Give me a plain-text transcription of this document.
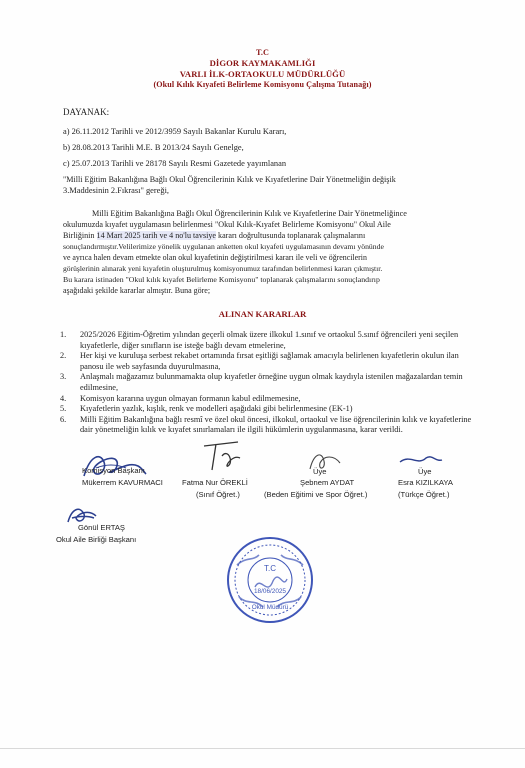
T.C
DİGOR KAYMAKAMLIĞI
VARLI İLK-ORTAOKULU MÜDÜRLÜĞÜ
(Okul Kılık Kıyafeti Belirleme Komisyonu Çalışma Tutanağı)
DAYANAK:
a) 26.11.2012 Tarihli ve 2012/3959 Sayılı Bakanlar Kurulu Kararı,
b) 28.08.2013 Tarihli M.E. B 2013/24 Sayılı Genelge,
c) 25.07.2013 Tarihli ve 28178 Sayılı Resmi Gazetede yayımlanan
"Milli Eğitim Bakanlığına Bağlı Okul Öğrencilerinin Kılık ve Kıyafetlerine Dair Yönetmeliğin değişik
3.Maddesinin 2.Fıkrası" gereği,
Milli Eğitim Bakanlığına Bağlı Okul Öğrencilerinin Kılık ve Kıyafetlerine Dair Yönetmeliğince
okulumuzda kıyafet uygulamasın belirlenmesi "Okul Kılık-Kıyafet Belirleme Komisyonu" Okul Aile
Birliğinin 14 Mart 2025 tarih ve 4 no'lu tavsiye kararı doğrultusunda toplanarak çalışmalarını
sonuçlandırmıştır.Velilerimize yönelik uygulanan anketten okul kıyafeti uygulamasının devamı yönünde
ve ayrıca halen devam etmekte olan okul kıyafetinin değiştirilmesi kararı ile veli ve öğrencilerin
görüşlerinin alınarak yeni kıyafetin oluşturulmuş komisyonumuz tarafından belirlenmesi kararı çıkmıştır.
Bu karara istinaden "Okul kılık kıyafet Belirleme Komisyonu" toplanarak çalışmalarını sonuçlandırıp
aşağıdaki şekilde kararlar almıştır. Buna göre;
ALINAN KARARLAR
1. 2025/2026 Eğitim-Öğretim yılından geçerli olmak üzere ilkokul 1.sınıf ve ortaokul 5.sınıf öğrencileri yeni seçilen kıyafetlerle, diğer sınıfların ise isteğe bağlı devam etmelerine,
2. Her kişi ve kuruluşa serbest rekabet ortamında fırsat eşitliği sağlamak amacıyla belirlenen kıyafetlerin okulun ilan panosu ile web sayfasında duyurulmasına,
3. Anlaşmalı mağazamız bulunmamakta olup kıyafetler örneğine uygun olmak kaydıyla istenilen mağazalardan temin edilmesine,
4. Komisyon kararına uygun olmayan formanın kabul edilmemesine,
5. Kıyafetlerin yazlık, kışlık, renk ve modelleri aşağıdaki gibi belirlenmesine (EK-1)
6. Milli Eğitim Bakanlığına bağlı resmî ve özel okul öncesi, ilkokul, ortaokul ve lise öğrencilerinin kılık ve kıyafetlerine dair yönetmeliğin kılık ve kıyafet sınırlamaları ile ilgili hükümlerin uygulanmasına, karar verildi.
Komisyon Başkanı
Mükerrem KAVURMACI	Fatma Nur ÖREKLİ
(Sınıf Öğret.)
Üye
Şebnem AYDAT
(Beden Eğitimi ve Spor Öğret.)
Üye
Esra KIZILKAYA
(Türkçe Öğret.)
Gönül ERTAŞ
Okul Aile Birliği Başkanı
T.C
18/06/2025
Okul Müdürü
